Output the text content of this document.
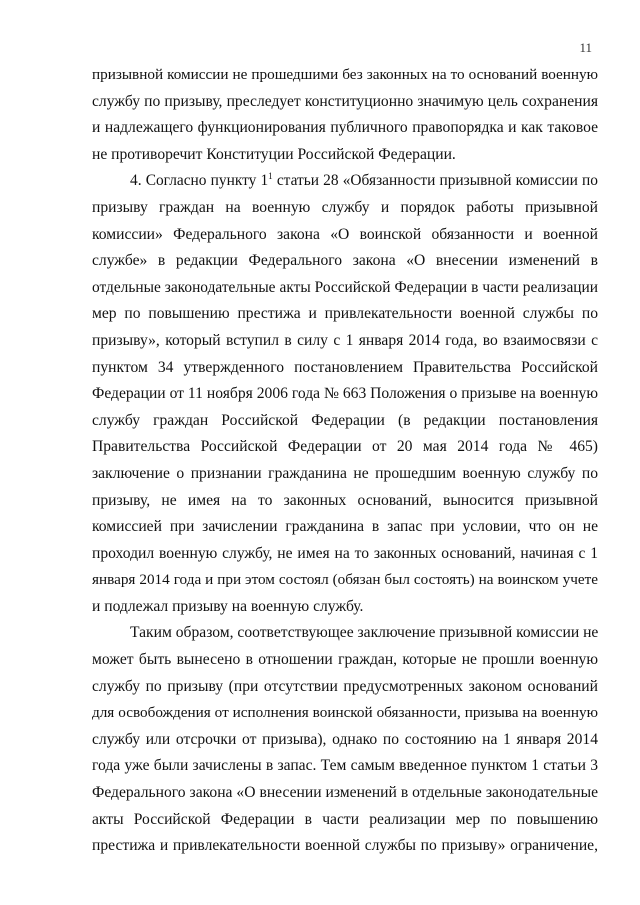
11
призывной комиссии не прошедшими без законных на то оснований военную
службу по призыву, преследует конституционно значимую цель сохранения
и надлежащего функционирования публичного правопорядка и как таковое
не противоречит Конституции Российской Федерации.
4. Согласно пункту $1^1$ статьи 28 «Обязанности призывной комиссии по
призыву граждан на военную службу и порядок работы призывной
комиссии» Федерального закона «О воинской обязанности и военной
службе» в редакции Федерального закона «О внесении изменений в
отдельные законодательные акты Российской Федерации в части реализации
мер по повышению престижа и привлекательности военной службы по
призыву», который вступил в силу с 1 января 2014 года, во взаимосвязи с
пунктом 34 утвержденного постановлением Правительства Российской
Федерации от 11 ноября 2006 года № 663 Положения о призыве на военную
службу граждан Российской Федерации (в редакции постановления
Правительства Российской Федерации от 20 мая 2014 года № 465)
заключение о признании гражданина не прошедшим военную службу по
призыву, не имея на то законных оснований, выносится призывной
комиссией при зачислении гражданина в запас при условии, что он не
проходил военную службу, не имея на то законных оснований, начиная с 1
января 2014 года и при этом состоял (обязан был состоять) на воинском учете
и подлежал призыву на военную службу.
Таким образом, соответствующее заключение призывной комиссии не
может быть вынесено в отношении граждан, которые не прошли военную
службу по призыву (при отсутствии предусмотренных законом оснований
для освобождения от исполнения воинской обязанности, призыва на военную
службу или отсрочки от призыва), однако по состоянию на 1 января 2014
года уже были зачислены в запас. Тем самым введенное пунктом 1 статьи 3
Федерального закона «О внесении изменений в отдельные законодательные
акты Российской Федерации в части реализации мер по повышению
престижа и привлекательности военной службы по призыву» ограничение,
